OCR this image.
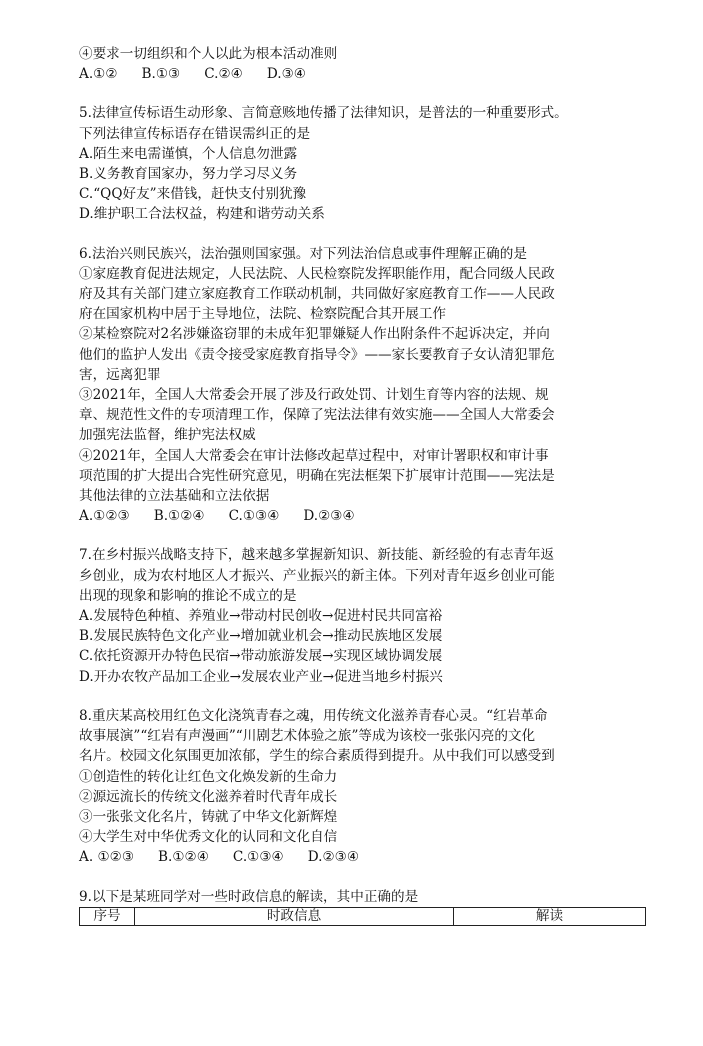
④要求一切组织和个人以此为根本活动准则
A.①② B.①③ C.②④ D.③④
5.法律宣传标语生动形象、言简意赅地传播了法律知识，是普法的一种重要形式。
下列法律宣传标语存在错误需纠正的是
A.陌生来电需谨慎，个人信息勿泄露
B.义务教育国家办，努力学习尽义务
C.“QQ好友”来借钱，赶快支付别犹豫
D.维护职工合法权益，构建和谐劳动关系
6.法治兴则民族兴，法治强则国家强。对下列法治信息或事件理解正确的是
①家庭教育促进法规定，人民法院、人民检察院发挥职能作用，配合同级人民政
府及其有关部门建立家庭教育工作联动机制，共同做好家庭教育工作——人民政
府在国家机构中居于主导地位，法院、检察院配合其开展工作
②某检察院对2名涉嫌盗窃罪的未成年犯罪嫌疑人作出附条件不起诉决定，并向
他们的监护人发出《责令接受家庭教育指导令》——家长要教育子女认清犯罪危
害，远离犯罪
③2021年，全国人大常委会开展了涉及行政处罚、计划生育等内容的法规、规
章、规范性文件的专项清理工作，保障了宪法法律有效实施——全国人大常委会
加强宪法监督，维护宪法权威
④2021年，全国人大常委会在审计法修改起草过程中，对审计署职权和审计事
项范围的扩大提出合宪性研究意见，明确在宪法框架下扩展审计范围——宪法是
其他法律的立法基础和立法依据
A.①②③ B.①②④ C.①③④ D.②③④
7.在乡村振兴战略支持下，越来越多掌握新知识、新技能、新经验的有志青年返
乡创业，成为农村地区人才振兴、产业振兴的新主体。下列对青年返乡创业可能
出现的现象和影响的推论不成立的是
A.发展特色种植、养殖业→带动村民创收→促进村民共同富裕
B.发展民族特色文化产业→增加就业机会→推动民族地区发展
C.依托资源开办特色民宿→带动旅游发展→实现区域协调发展
D.开办农牧产品加工企业→发展农业产业→促进当地乡村振兴
8.重庆某高校用红色文化浇筑青春之魂，用传统文化滋养青春心灵。“红岩革命
故事展演”“红岩有声漫画”“川剧艺术体验之旅”等成为该校一张张闪亮的文化
名片。校园文化氛围更加浓郁，学生的综合素质得到提升。从中我们可以感受到
①创造性的转化让红色文化焕发新的生命力
②源远流长的传统文化滋养着时代青年成长
③一张张文化名片，铸就了中华文化新辉煌
④大学生对中华优秀文化的认同和文化自信
A. ①②③ B.①②④ C.①③④ D.②③④
9.以下是某班同学对一些时政信息的解读，其中正确的是
序号	时政信息	解读
